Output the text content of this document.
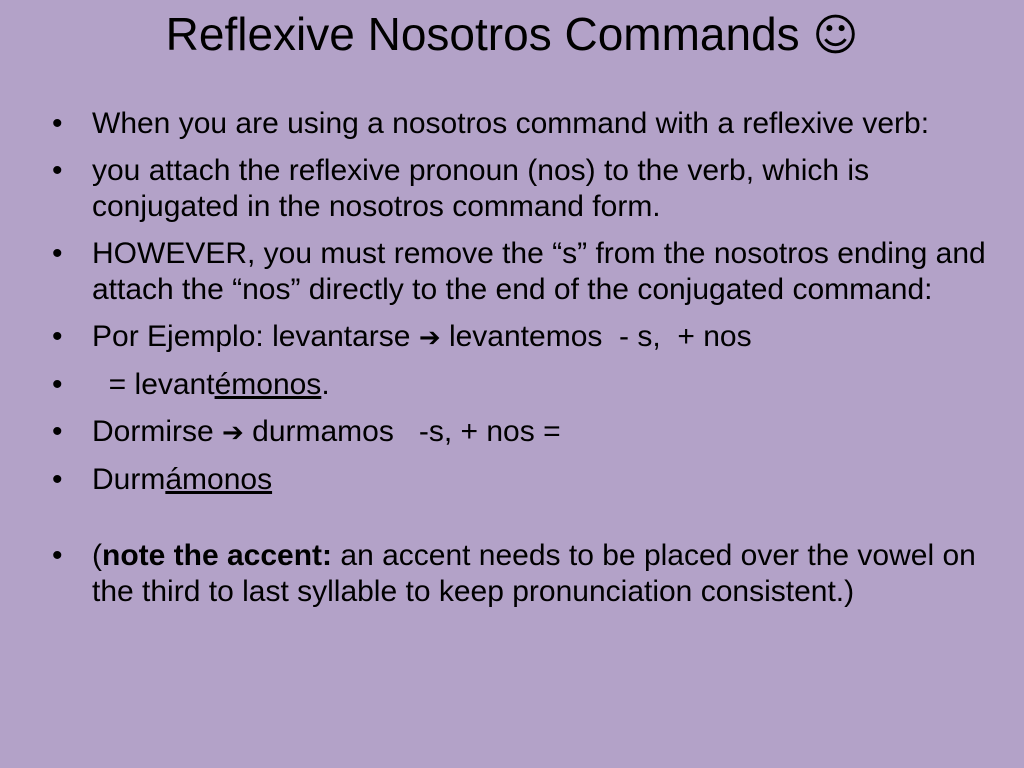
Reflexive Nosotros Commands ☺
• When you are using a nosotros command with a reflexive verb:
• you attach the reflexive pronoun (nos) to the verb, which is conjugated in the nosotros command form.
• HOWEVER, you must remove the “s” from the nosotros ending and attach the “nos” directly to the end of the conjugated command:
• Por Ejemplo: levantarse ➔ levantemos  - s,  + nos
• = levantémonos.
• Dormirse ➔ durmamos   -s, + nos =
• Durmámonos
• (note the accent: an accent needs to be placed over the vowel on the third to last syllable to keep pronunciation consistent.)
